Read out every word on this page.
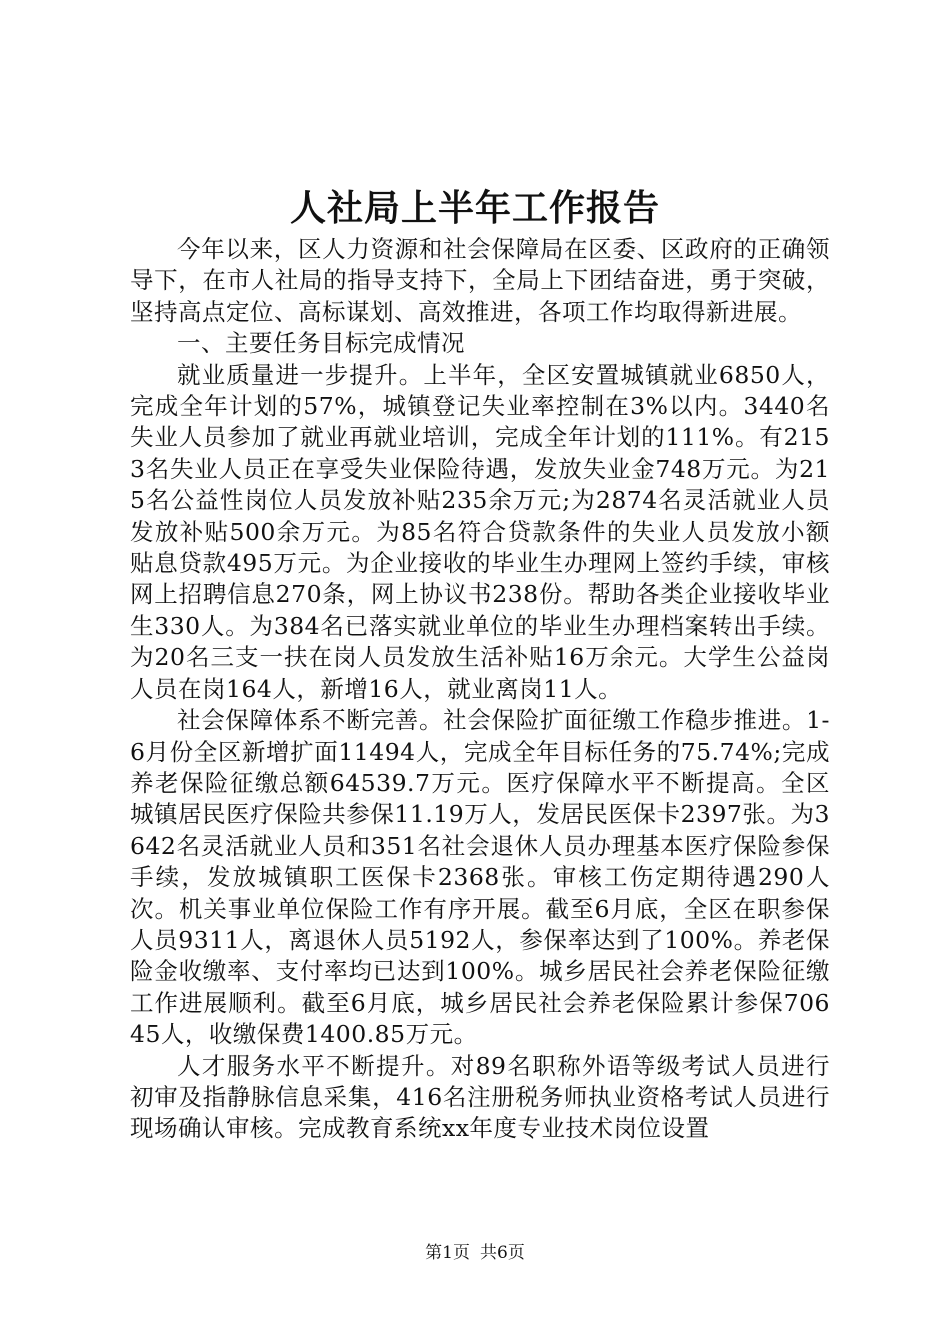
人社局上半年工作报告

今年以来，区人力资源和社会保障局在区委、区政府的正确领导下，在市人社局的指导支持下，全局上下团结奋进，勇于突破，坚持高点定位、高标谋划、高效推进，各项工作均取得新进展。

一、主要任务目标完成情况

就业质量进一步提升。上半年，全区安置城镇就业6850人，完成全年计划的57%，城镇登记失业率控制在3%以内。3440名失业人员参加了就业再就业培训，完成全年计划的111%。有2153名失业人员正在享受失业保险待遇，发放失业金748万元。为215名公益性岗位人员发放补贴235余万元;为2874名灵活就业人员发放补贴500余万元。为85名符合贷款条件的失业人员发放小额贴息贷款495万元。为企业接收的毕业生办理网上签约手续，审核网上招聘信息270条，网上协议书238份。帮助各类企业接收毕业生330人。为384名已落实就业单位的毕业生办理档案转出手续。为20名三支一扶在岗人员发放生活补贴16万余元。大学生公益岗人员在岗164人，新增16人，就业离岗11人。

社会保障体系不断完善。社会保险扩面征缴工作稳步推进。1-6月份全区新增扩面11494人，完成全年目标任务的75.74%;完成养老保险征缴总额64539.7万元。医疗保障水平不断提高。全区城镇居民医疗保险共参保11.19万人，发居民医保卡2397张。为3642名灵活就业人员和351名社会退休人员办理基本医疗保险参保手续，发放城镇职工医保卡2368张。审核工伤定期待遇290人次。机关事业单位保险工作有序开展。截至6月底，全区在职参保人员9311人，离退休人员5192人，参保率达到了100%。养老保险金收缴率、支付率均已达到100%。城乡居民社会养老保险征缴工作进展顺利。截至6月底，城乡居民社会养老保险累计参保70645人，收缴保费1400.85万元。

人才服务水平不断提升。对89名职称外语等级考试人员进行初审及指静脉信息采集，416名注册税务师执业资格考试人员进行现场确认审核。完成教育系统xx年度专业技术岗位设置

第1页 共6页
